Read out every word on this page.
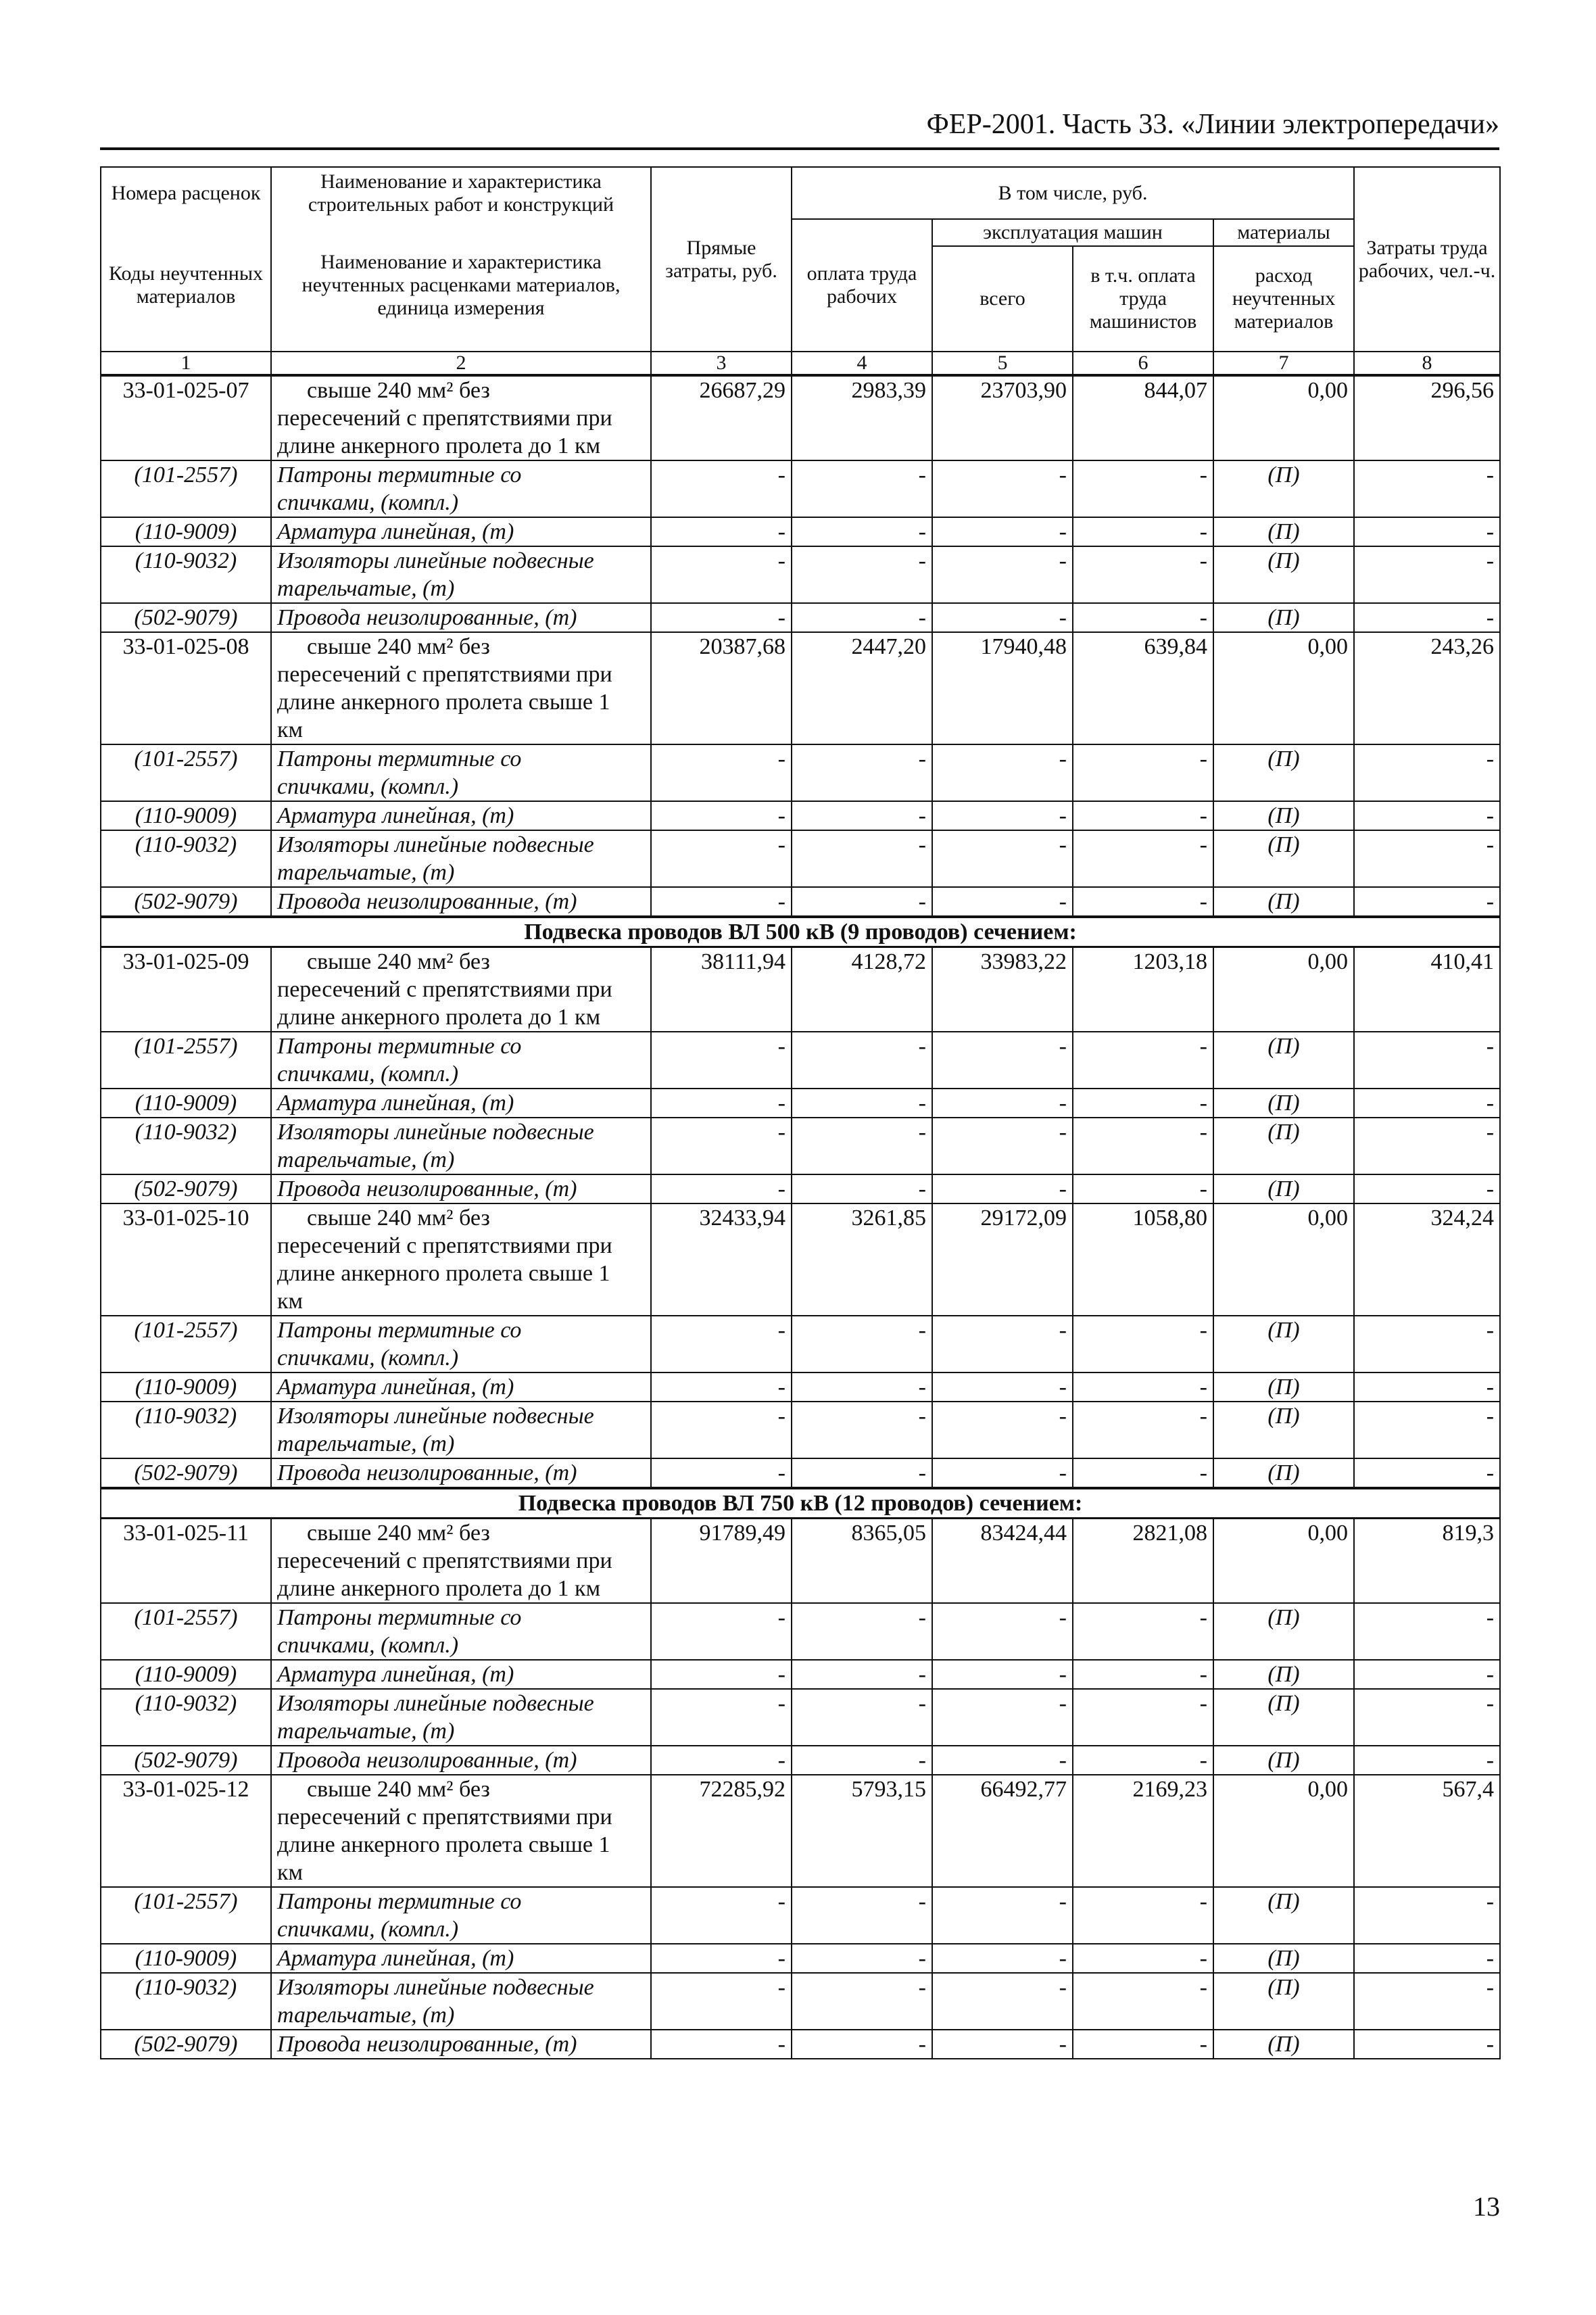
ФЕР-2001. Часть 33. «Линии электропередачи»
Номера расценок	Наименование и характеристика строительных работ и конструкций	Прямые затраты, руб.	В том числе, руб.				Затраты труда рабочих, чел.-ч.
Коды неучтенных материалов	Наименование и характеристика неучтенных расценками материалов, единица измерения		оплата труда рабочих	эксплуатация машин		материалы	
				всего	в т.ч. оплата труда машинистов	расход неучтенных материалов	
1	2	3	4	5	6	7	8
33-01-025-07	свыше 240 мм² без
пересечений с препятствиями при
длине анкерного пролета до 1 км	26687,29	2983,39	23703,90	844,07	0,00	296,56
(101-2557)	Патроны термитные со
спичками, (компл.)	-	-	-	-	(П)	-
(110-9009)	Арматура линейная, (т)	-	-	-	-	(П)	-
(110-9032)	Изоляторы линейные подвесные
тарельчатые, (т)	-	-	-	-	(П)	-
(502-9079)	Провода неизолированные, (т)	-	-	-	-	(П)	-
33-01-025-08	свыше 240 мм² без
пересечений с препятствиями при
длине анкерного пролета свыше 1
км	20387,68	2447,20	17940,48	639,84	0,00	243,26
(101-2557)	Патроны термитные со
спичками, (компл.)	-	-	-	-	(П)	-
(110-9009)	Арматура линейная, (т)	-	-	-	-	(П)	-
(110-9032)	Изоляторы линейные подвесные
тарельчатые, (т)	-	-	-	-	(П)	-
(502-9079)	Провода неизолированные, (т)	-	-	-	-	(П)	-
Подвеска проводов ВЛ 500 кВ (9 проводов) сечением:							
33-01-025-09	свыше 240 мм² без
пересечений с препятствиями при
длине анкерного пролета до 1 км	38111,94	4128,72	33983,22	1203,18	0,00	410,41
(101-2557)	Патроны термитные со
спичками, (компл.)	-	-	-	-	(П)	-
(110-9009)	Арматура линейная, (т)	-	-	-	-	(П)	-
(110-9032)	Изоляторы линейные подвесные
тарельчатые, (т)	-	-	-	-	(П)	-
(502-9079)	Провода неизолированные, (т)	-	-	-	-	(П)	-
33-01-025-10	свыше 240 мм² без
пересечений с препятствиями при
длине анкерного пролета свыше 1
км	32433,94	3261,85	29172,09	1058,80	0,00	324,24
(101-2557)	Патроны термитные со
спичками, (компл.)	-	-	-	-	(П)	-
(110-9009)	Арматура линейная, (т)	-	-	-	-	(П)	-
(110-9032)	Изоляторы линейные подвесные
тарельчатые, (т)	-	-	-	-	(П)	-
(502-9079)	Провода неизолированные, (т)	-	-	-	-	(П)	-
Подвеска проводов ВЛ 750 кВ (12 проводов) сечением:							
33-01-025-11	свыше 240 мм² без
пересечений с препятствиями при
длине анкерного пролета до 1 км	91789,49	8365,05	83424,44	2821,08	0,00	819,3
(101-2557)	Патроны термитные со
спичками, (компл.)	-	-	-	-	(П)	-
(110-9009)	Арматура линейная, (т)	-	-	-	-	(П)	-
(110-9032)	Изоляторы линейные подвесные
тарельчатые, (т)	-	-	-	-	(П)	-
(502-9079)	Провода неизолированные, (т)	-	-	-	-	(П)	-
33-01-025-12	свыше 240 мм² без
пересечений с препятствиями при
длине анкерного пролета свыше 1
км	72285,92	5793,15	66492,77	2169,23	0,00	567,4
(101-2557)	Патроны термитные со
спичками, (компл.)	-	-	-	-	(П)	-
(110-9009)	Арматура линейная, (т)	-	-	-	-	(П)	-
(110-9032)	Изоляторы линейные подвесные
тарельчатые, (т)	-	-	-	-	(П)	-
(502-9079)	Провода неизолированные, (т)	-	-	-	-	(П)	-
13
